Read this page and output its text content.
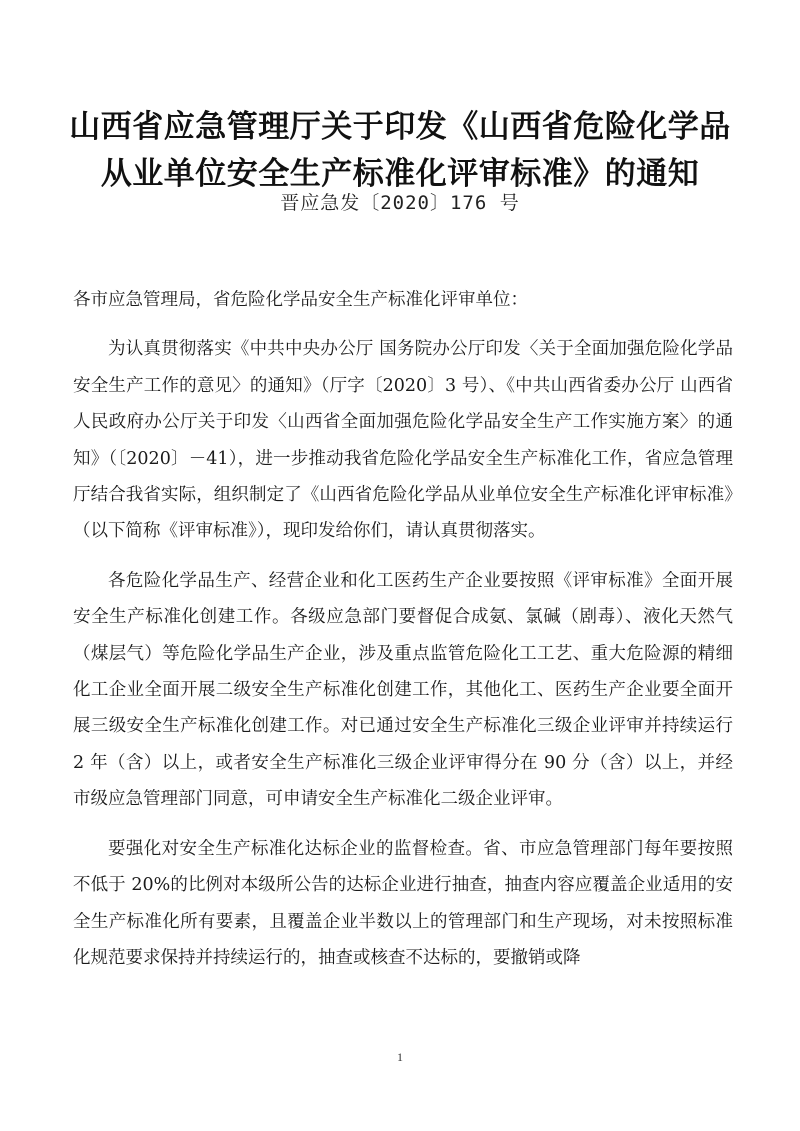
山西省应急管理厅关于印发《山西省危险化学品从业单位安全生产标准化评审标准》的通知
晋应急发〔2020〕176 号

各市应急管理局，省危险化学品安全生产标准化评审单位：

为认真贯彻落实《中共中央办公厅 国务院办公厅印发〈关于全面加强危险化学品安全生产工作的意见〉的通知》（厅字〔2020〕3 号）、《中共山西省委办公厅 山西省人民政府办公厅关于印发〈山西省全面加强危险化学品安全生产工作实施方案〉的通知》（〔2020〕－41），进一步推动我省危险化学品安全生产标准化工作，省应急管理厅结合我省实际，组织制定了《山西省危险化学品从业单位安全生产标准化评审标准》（以下简称《评审标准》），现印发给你们，请认真贯彻落实。

各危险化学品生产、经营企业和化工医药生产企业要按照《评审标准》全面开展安全生产标准化创建工作。各级应急部门要督促合成氨、氯碱（剧毒）、液化天然气（煤层气）等危险化学品生产企业，涉及重点监管危险化工工艺、重大危险源的精细化工企业全面开展二级安全生产标准化创建工作，其他化工、医药生产企业要全面开展三级安全生产标准化创建工作。对已通过安全生产标准化三级企业评审并持续运行 2 年（含）以上，或者安全生产标准化三级企业评审得分在 90 分（含）以上，并经市级应急管理部门同意，可申请安全生产标准化二级企业评审。

要强化对安全生产标准化达标企业的监督检查。省、市应急管理部门每年要按照不低于 20%的比例对本级所公告的达标企业进行抽查，抽查内容应覆盖企业适用的安全生产标准化所有要素，且覆盖企业半数以上的管理部门和生产现场，对未按照标准化规范要求保持并持续运行的，抽查或核查不达标的，要撤销或降

1
